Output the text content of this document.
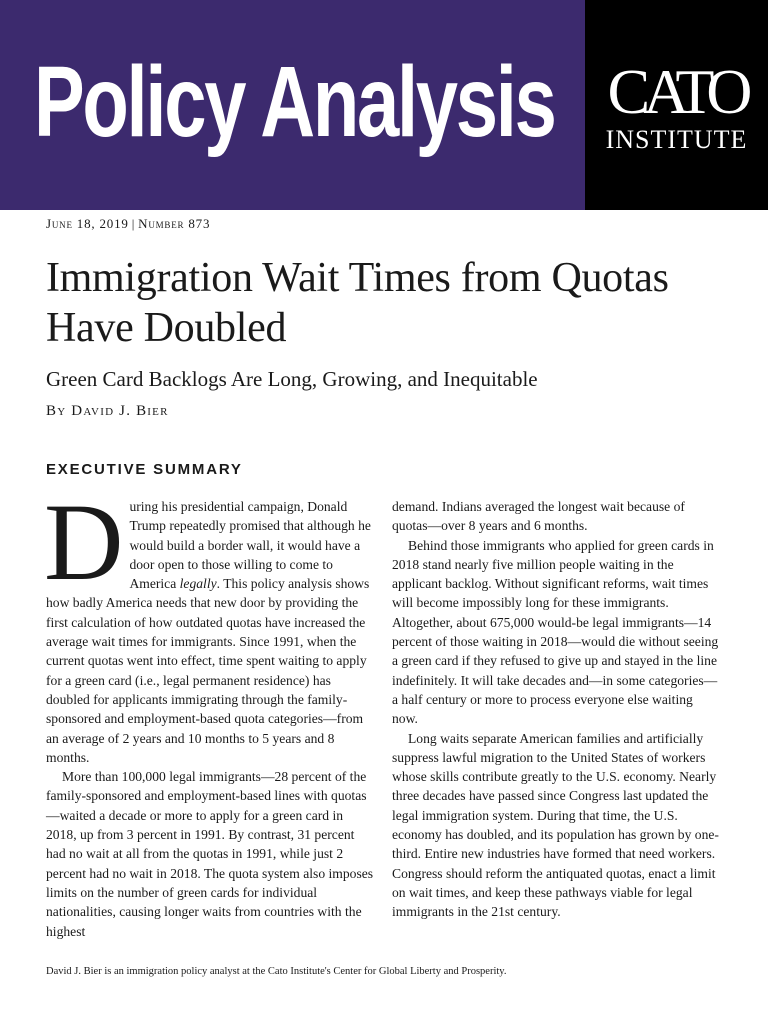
Policy Analysis CATO
INSTITUTE
June 18, 2019 | Number 873
Immigration Wait Times from Quotas Have Doubled
Green Card Backlogs Are Long, Growing, and Inequitable
By David J. Bier
EXECUTIVE SUMMARY

During his presidential campaign, Donald Trump repeatedly promised that although he would build a border wall, it would have a door open to those willing to come to America legally. This policy analysis shows how badly America needs that new door by providing the first calculation of how outdated quotas have increased the average wait times for immigrants. Since 1991, when the current quotas went into effect, time spent waiting to apply for a green card (i.e., legal permanent residence) has doubled for applicants immigrating through the family-sponsored and employment-based quota categories—from an average of 2 years and 10 months to 5 years and 8 months.

More than 100,000 legal immigrants—28 percent of the family-sponsored and employment-based lines with quotas—waited a decade or more to apply for a green card in 2018, up from 3 percent in 1991. By contrast, 31 percent had no wait at all from the quotas in 1991, while just 2 percent had no wait in 2018. The quota system also imposes limits on the number of green cards for individual nationalities, causing longer waits from countries with the highest

demand. Indians averaged the longest wait because of quotas—over 8 years and 6 months.

Behind those immigrants who applied for green cards in 2018 stand nearly five million people waiting in the applicant backlog. Without significant reforms, wait times will become impossibly long for these immigrants. Altogether, about 675,000 would-be legal immigrants—14 percent of those waiting in 2018—would die without seeing a green card if they refused to give up and stayed in the line indefinitely. It will take decades and—in some categories—a half century or more to process everyone else waiting now.

Long waits separate American families and artificially suppress lawful migration to the United States of workers whose skills contribute greatly to the U.S. economy. Nearly three decades have passed since Congress last updated the legal immigration system. During that time, the U.S. economy has doubled, and its population has grown by one-third. Entire new industries have formed that need workers. Congress should reform the antiquated quotas, enact a limit on wait times, and keep these pathways viable for legal immigrants in the 21st century.

David J. Bier is an immigration policy analyst at the Cato Institute's Center for Global Liberty and Prosperity.
